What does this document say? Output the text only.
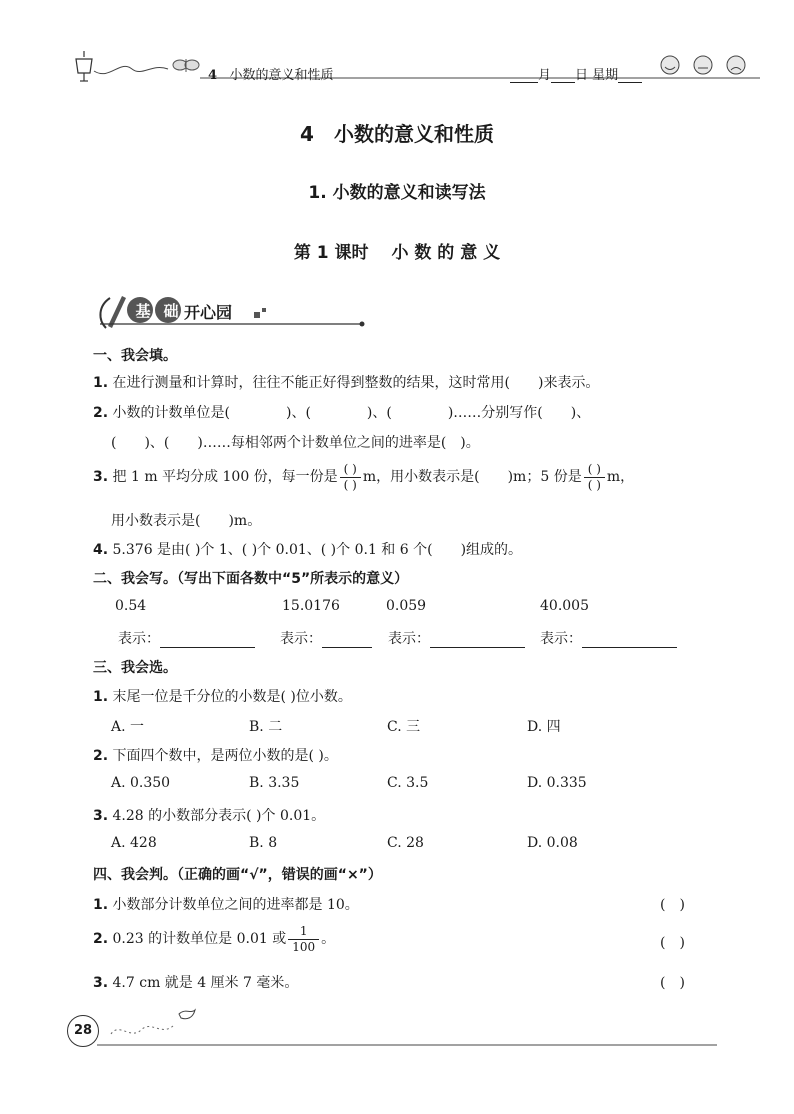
4 小数的意义和性质	月 日 星期
4　小数的意义和性质
1. 小数的意义和读写法
第 1 课时　 小 数 的 意 义
基 础 开心园
一、我会填。
1. 在进行测量和计算时，往往不能正好得到整数的结果，这时常用(　　)来表示。
2. 小数的计数单位是(　　　　)、(　　　　)、(　　　　)……分别写作(　　)、
(　　)、(　　)……每相邻两个计数单位之间的进率是(　)。
3. 把 1 m 平均分成 100 份，每一份是 $\frac{( )}{( )}$ m，用小数表示是(　　)m；5 份是 $\frac{( )}{( )}$ m，
用小数表示是(　　)m。
4. 5.376 是由( )个 1、( )个 0.01、( )个 0.1 和 6 个(　　)组成的。
二、我会写。（写出下面各数中“5”所表示的意义）
0.54	15.0176	0.059	40.005
表示：	表示：	表示：	表示：
三、我会选。
1. 末尾一位是千分位的小数是( )位小数。
A. 一	B. 二	C. 三	D. 四
2. 下面四个数中，是两位小数的是( )。
A. 0.350	B. 3.35	C. 3.5	D. 0.335
3. 4.28 的小数部分表示( )个 0.01。
A. 428	B. 8	C. 28	D. 0.08
四、我会判。（正确的画“√”，错误的画“×”）
1. 小数部分计数单位之间的进率都是 10。	(　)
2. 0.23 的计数单位是 0.01 或 $\frac{1}{100}$ 。	(　)
3. 4.7 cm 就是 4 厘米 7 毫米。	(　)
28
